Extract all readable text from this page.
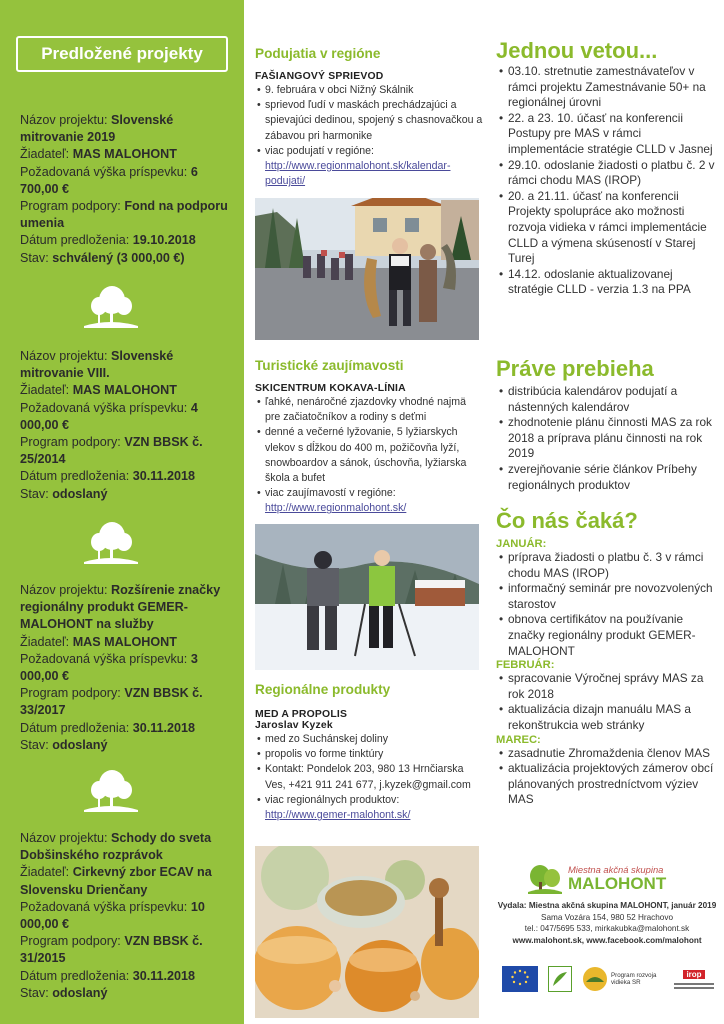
Predložené projekty
Názov projektu: Slovenské mitrovanie 2019
Žiadateľ: MAS MALOHONT
Požadovaná výška príspevku: 6 700,00 €
Program podpory: Fond na podporu umenia
Dátum predloženia: 19.10.2018
Stav: schválený (3 000,00 €)
Názov projektu: Slovenské mitrovanie VIII.
Žiadateľ: MAS MALOHONT
Požadovaná výška príspevku: 4 000,00 €
Program podpory: VZN BBSK č. 25/2014
Dátum predloženia: 30.11.2018
Stav: odoslaný
Názov projektu: Rozšírenie značky regionálny produkt GEMER-MALOHONT na služby
Žiadateľ: MAS MALOHONT
Požadovaná výška príspevku: 3 000,00 €
Program podpory: VZN BBSK č. 33/2017
Dátum predloženia: 30.11.2018
Stav: odoslaný
Názov projektu: Schody do sveta Dobšinského rozprávok
Žiadateľ: Cirkevný zbor ECAV na Slovensku Drienčany
Požadovaná výška príspevku: 10 000,00 €
Program podpory: VZN BBSK č. 31/2015
Dátum predloženia: 30.11.2018
Stav: odoslaný
Podujatia v regióne
FAŠIANGOVÝ SPRIEVOD
• 9. februára v obci Nižný Skálnik
• sprievod ľudí v maskách prechádzajúci a spievajúci dedinou, spojený s chasnovačkou a zábavou pri harmonike
• viac podujatí v regióne:
http://www.regionmalohont.sk/kalendar-podujati/
Turistické zaujímavosti
SKICENTRUM KOKAVA-LÍNIA
• ľahké, nenáročné zjazdovky vhodné najmä pre začiatočníkov a rodiny s deťmi
• denné a večerné lyžovanie, 5 lyžiarskych vlekov s dĺžkou do 400 m, požičovňa lyží, snowboardov a sánok, úschovňa, lyžiarska škola a bufet
• viac zaujímavostí v regióne:
http://www.regionmalohont.sk/
Regionálne produkty
MED A PROPOLIS
Jaroslav Kyzek
• med zo Suchánskej doliny
• propolis vo forme tinktúry
• Kontakt: Pondelok 203, 980 13 Hrnčiarska Ves, +421 911 241 677, j.kyzek@gmail.com
• viac regionálnych produktov:
http://www.gemer-malohont.sk/
Jednou vetou...
• 03.10. stretnutie zamestnávateľov v rámci projektu Zamestnávanie 50+ na regionálnej úrovni
• 22. a 23. 10. účasť na konferencii Postupy pre MAS v rámci implementácie stratégie CLLD v Jasnej
• 29.10. odoslanie žiadosti o platbu č. 2 v rámci chodu MAS (IROP)
• 20. a 21.11. účasť na konferencii Projekty spolupráce ako možnosti rozvoja vidieka v rámci implementácie CLLD a výmena skúseností v Starej Turej
• 14.12. odoslanie aktualizovanej stratégie CLLD - verzia 1.3 na PPA
Práve prebieha
• distribúcia kalendárov podujatí a nástenných kalendárov
• zhodnotenie plánu činnosti MAS za rok 2018 a príprava plánu činnosti na rok 2019
• zverejňovanie série článkov Príbehy regionálnych produktov
Čo nás čaká?
JANUÁR:
• príprava žiadosti o platbu č. 3 v rámci chodu MAS (IROP)
• informačný seminár pre novozvolených starostov
• obnova certifikátov na používanie značky regionálny produkt GEMER-MALOHONT
FEBRUÁR:
• spracovanie Výročnej správy MAS za rok 2018
• aktualizácia dizajn manuálu MAS a rekonštrukcia web stránky
MAREC:
• zasadnutie Zhromaždenia členov MAS
• aktualizácia projektových zámerov obcí plánovaných prostredníctvom výziev MAS
Miestna akčná skupina
MALOHONT
Vydala: Miestna akčná skupina MALOHONT, január 2019
Sama Vozára 154, 980 52 Hrachovo
tel.: 047/5695 533, mirkakubka@malohont.sk
www.malohont.sk, www.facebook.com/malohont
Program rozvoja vidieka SR
irop
